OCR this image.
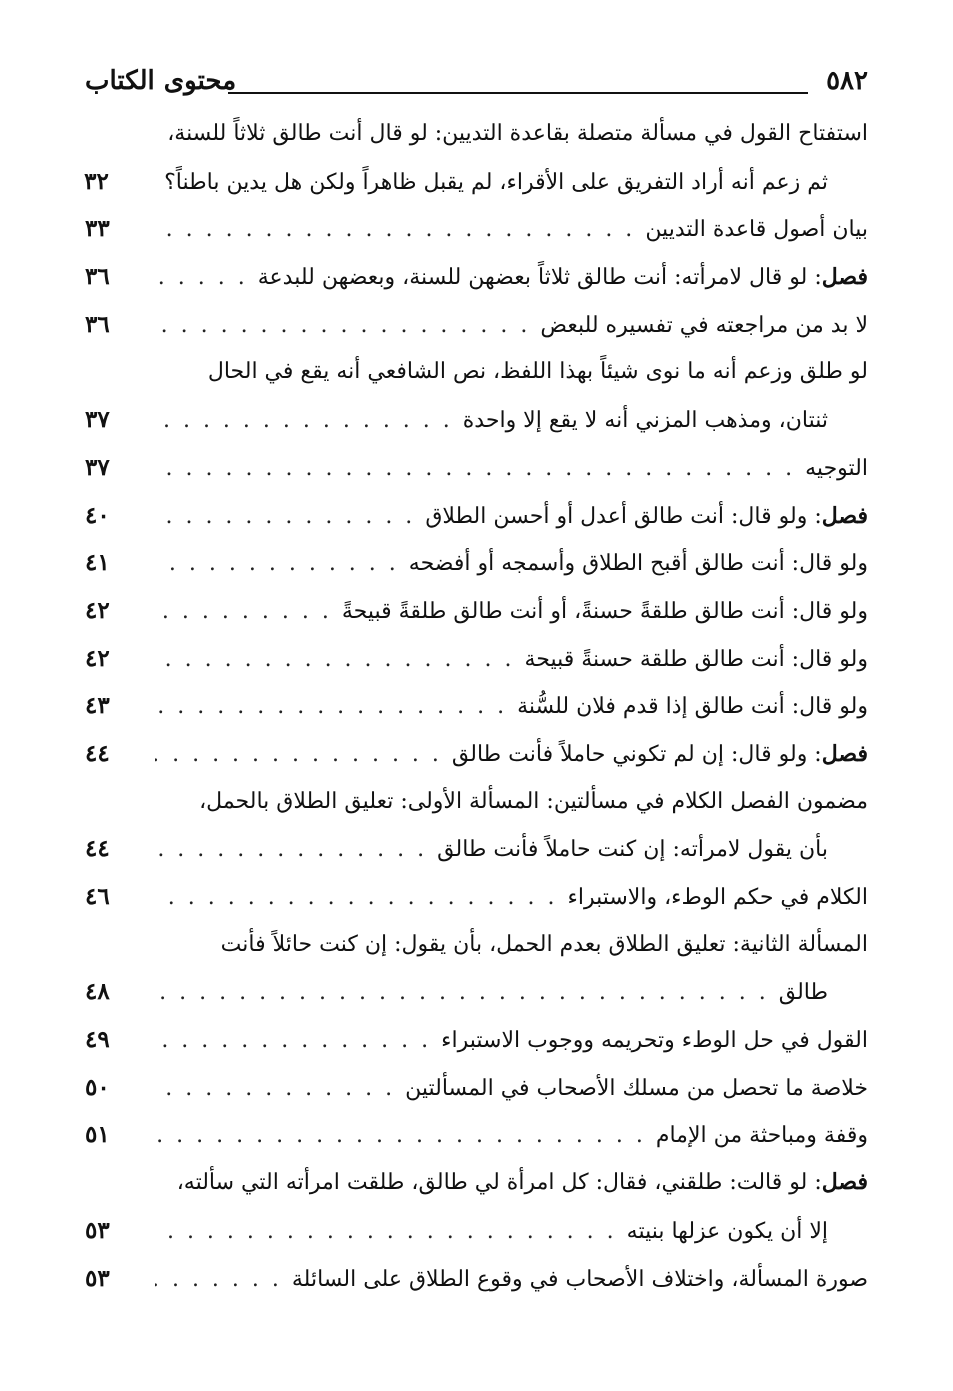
٥٨٢
محتوى الكتاب
استفتاح القول في مسألة متصلة بقاعدة التديين: لو قال أنت طالق ثلاثاً للسنة،
. . .
ثم زعم أنه أراد التفريق على الأقراء، لم يقبل ظاهراً ولكن هل يدين باطناً؟
٣٢
بيان أصول قاعدة التديين
. . .
٣٣
فصل: لو قال لامرأته: أنت طالق ثلاثاً بعضهن للسنة، وبعضهن للبدعة
. . .
٣٦
لا بد من مراجعته في تفسيره للبعض
. . .
٣٦
لو طلق وزعم أنه ما نوى شيئاً بهذا اللفظ، نص الشافعي أنه يقع في الحال
ثنتان، ومذهب المزني أنه لا يقع إلا واحدة
. . .
٣٧
التوجيه
. . .
٣٧
فصل: ولو قال: أنت طالق أعدل أو أحسن الطلاق
. . .
٤٠
ولو قال: أنت طالق أقبح الطلاق وأسمجه أو أفضحه
. . .
٤١
ولو قال: أنت طالق طلقةً حسنةً، أو أنت طالق طلقةً قبيحةً
. . .
٤٢
ولو قال: أنت طالق طلقة حسنةً قبيحة
. . .
٤٢
ولو قال: أنت طالق إذا قدم فلان للسُّنة
. . .
٤٣
فصل: ولو قال: إن لم تكوني حاملاً فأنت طالق
. . .
٤٤
مضمون الفصل الكلام في مسألتين: المسألة الأولى: تعليق الطلاق بالحمل،
بأن يقول لامرأته: إن كنت حاملاً فأنت طالق
. . .
٤٤
الكلام في حكم الوطء، والاستبراء
. . .
٤٦
المسألة الثانية: تعليق الطلاق بعدم الحمل، بأن يقول: إن كنت حائلاً فأنت
طالق
. . .
٤٨
القول في حل الوطء وتحريمه ووجوب الاستبراء
. . .
٤٩
خلاصة ما تحصل من مسلك الأصحاب في المسألتين
. . .
٥٠
وقفة ومباحثة من الإمام
. . .
٥١
فصل: لو قالت: طلقني، فقال: كل امرأة لي طالق، طلقت امرأته التي سألته،
إلا أن يكون عزلها بنيته
. . .
٥٣
صورة المسألة، واختلاف الأصحاب في وقوع الطلاق على السائلة
. . .
٥٣
